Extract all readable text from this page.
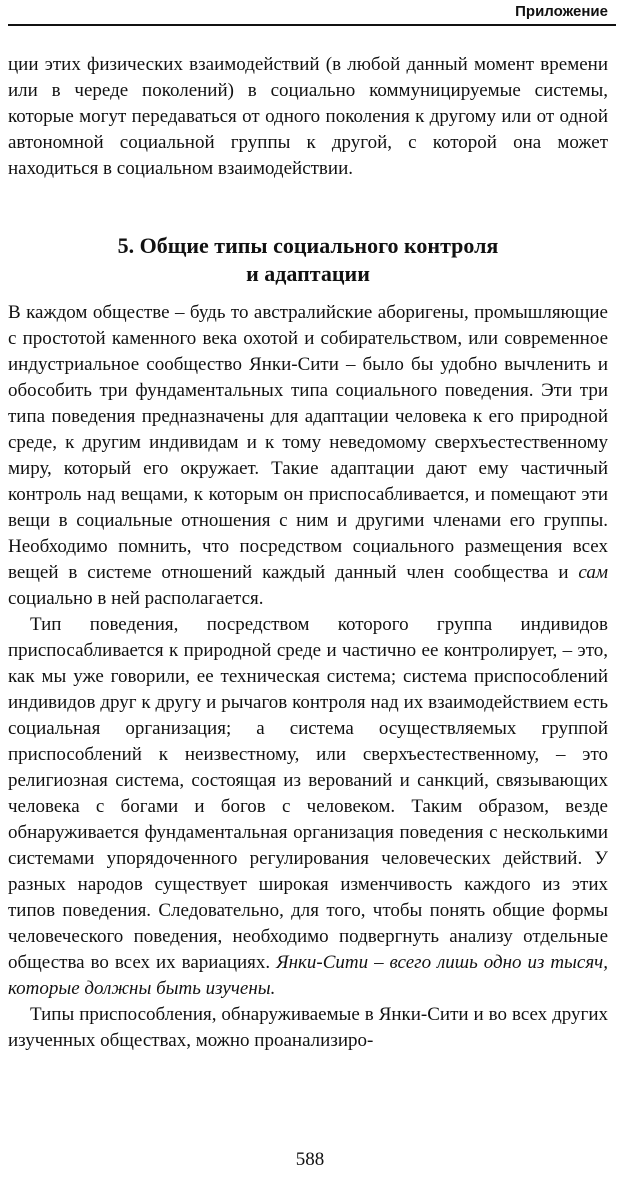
Приложение

ции этих физических взаимодействий (в любой данный момент времени или в череде поколений) в социально коммуницируемые системы, которые могут передаваться от одного поколения к другому или от одной автономной социальной группы к другой, с которой она может находиться в социальном взаимодействии.

5. Общие типы социального контроля
и адаптации

В каждом обществе – будь то австралийские аборигены, промышляющие с простотой каменного века охотой и собирательством, или современное индустриальное сообщество Янки-Сити – было бы удобно вычленить и обособить три фундаментальных типа социального поведения. Эти три типа поведения предназначены для адаптации человека к его природной среде, к другим индивидам и к тому неведомому сверхъестественному миру, который его окружает. Такие адаптации дают ему частичный контроль над вещами, к которым он приспосабливается, и помещают эти вещи в социальные отношения с ним и другими членами его группы. Необходимо помнить, что посредством социального размещения всех вещей в системе отношений каждый данный член сообщества и сам социально в ней располагается.

Тип поведения, посредством которого группа индивидов приспосабливается к природной среде и частично ее контролирует, – это, как мы уже говорили, ее техническая система; система приспособлений индивидов друг к другу и рычагов контроля над их взаимодействием есть социальная организация; а система осуществляемых группой приспособлений к неизвестному, или сверхъестественному, – это религиозная система, состоящая из верований и санкций, связывающих человека с богами и богов с человеком. Таким образом, везде обнаруживается фундаментальная организация поведения с несколькими системами упорядоченного регулирования человеческих действий. У разных народов существует широкая изменчивость каждого из этих типов поведения. Следовательно, для того, чтобы понять общие формы человеческого поведения, необходимо подвергнуть анализу отдельные общества во всех их вариациях. Янки-Сити – всего лишь одно из тысяч, которые должны быть изучены.

Типы приспособления, обнаруживаемые в Янки-Сити и во всех других изученных обществах, можно проанализиро-

588
